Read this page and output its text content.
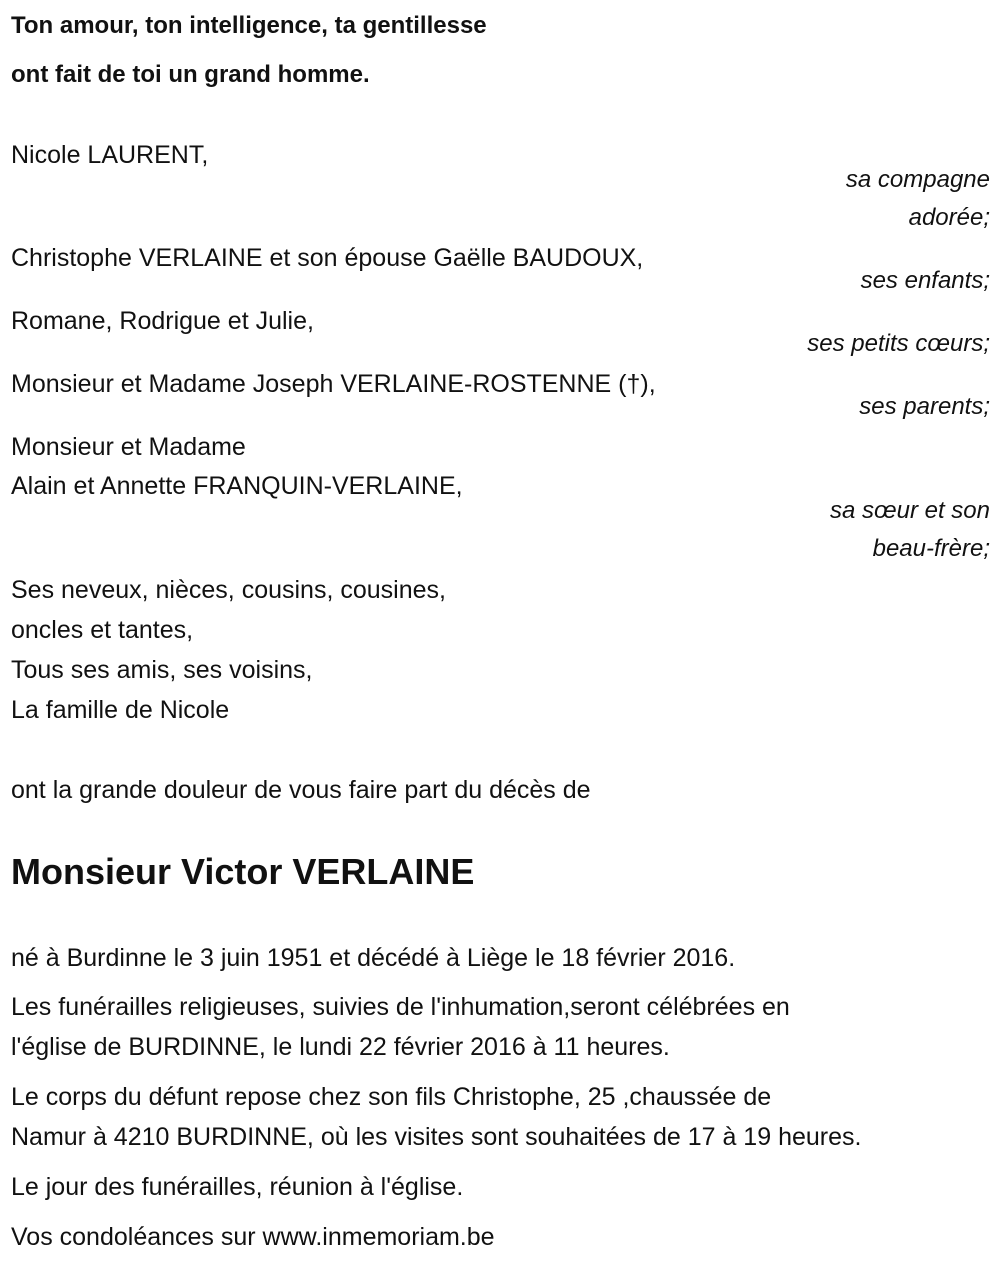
Ton amour, ton intelligence, ta gentillesse
ont fait de toi un grand homme.
Nicole LAURENT,
sa compagne
adorée;
Christophe VERLAINE et son épouse Gaëlle BAUDOUX,
ses enfants;
Romane, Rodrigue et Julie,
ses petits cœurs;
Monsieur et Madame Joseph VERLAINE-ROSTENNE (†),
ses parents;
Monsieur et Madame
Alain et Annette FRANQUIN-VERLAINE,
sa sœur et son
beau-frère;
Ses neveux, nièces, cousins, cousines,
oncles et tantes,
Tous ses amis, ses voisins,
La famille de Nicole
ont la grande douleur de vous faire part du décès de
Monsieur Victor VERLAINE
né à Burdinne le 3 juin 1951 et décédé à Liège le 18 février 2016.
Les funérailles religieuses, suivies de l'inhumation,seront célébrées en
l'église de BURDINNE, le lundi 22 février 2016 à 11 heures.
Le corps du défunt repose chez son fils Christophe, 25 ,chaussée de
Namur à 4210 BURDINNE, où les visites sont souhaitées de 17 à 19 heures.
Le jour des funérailles, réunion à l'église.
Vos condoléances sur www.inmemoriam.be
